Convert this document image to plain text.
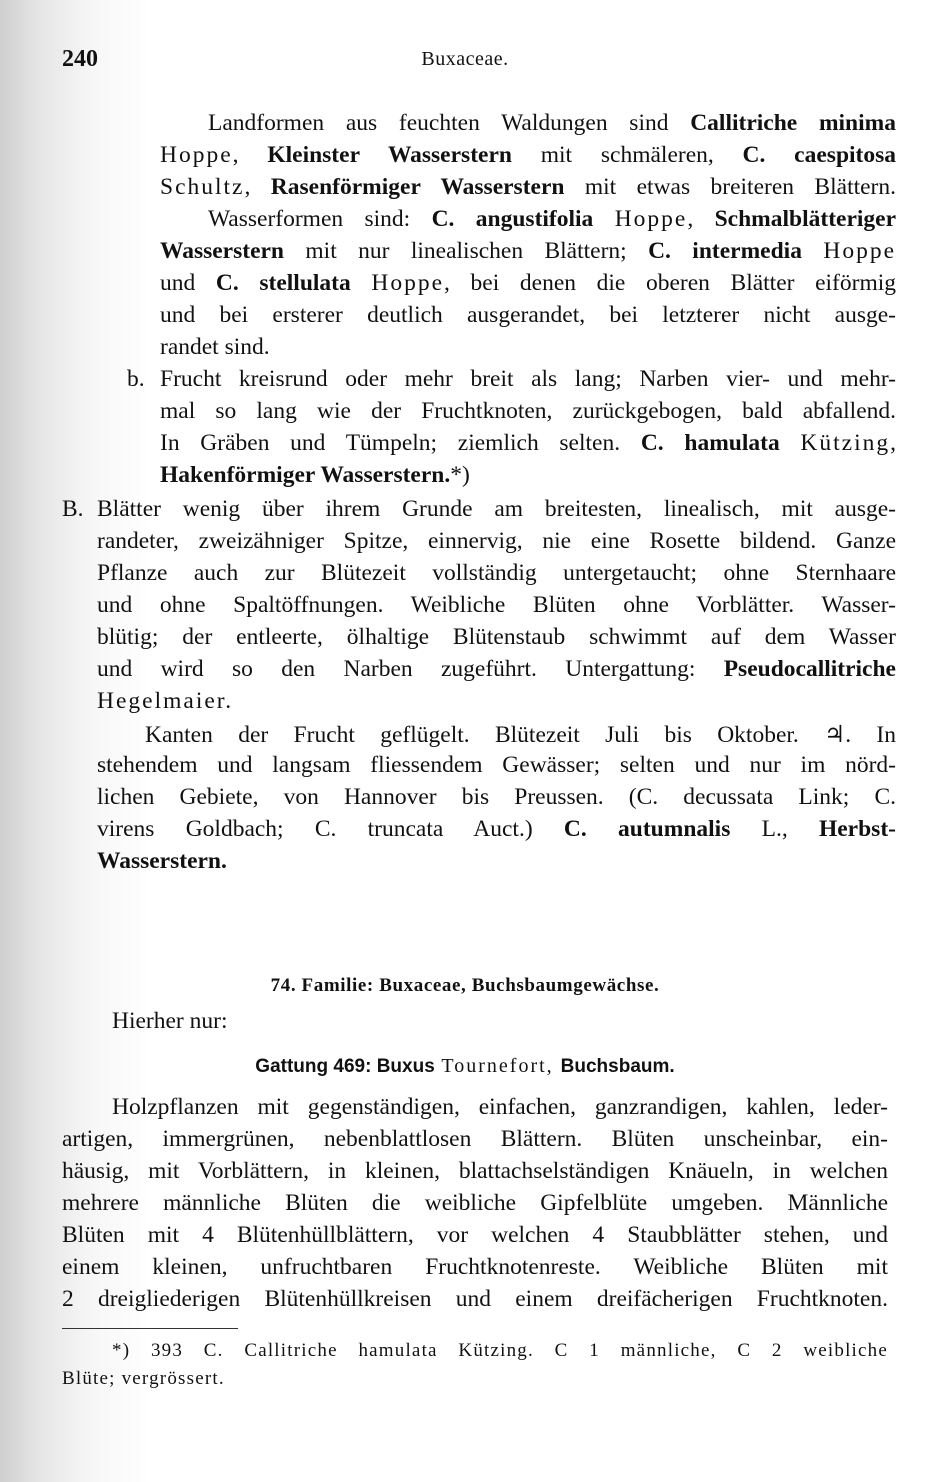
240	Buxaceae.
Landformen aus feuchten Waldungen sind Callitriche minima
Hoppe, Kleinster Wasserstern mit schmäleren, C. caespitosa
Schultz, Rasenförmiger Wasserstern mit etwas breiteren Blättern.
Wasserformen sind: C. angustifolia Hoppe, Schmalblätteriger
Wasserstern mit nur linealischen Blättern; C. intermedia Hoppe
und C. stellulata Hoppe, bei denen die oberen Blätter eiförmig
und bei ersterer deutlich ausgerandet, bei letzterer nicht ausge-
randet sind.
b. Frucht kreisrund oder mehr breit als lang; Narben vier- und mehr-
mal so lang wie der Fruchtknoten, zurückgebogen, bald abfallend.
In Gräben und Tümpeln; ziemlich selten. C. hamulata Kützing,
Hakenförmiger Wasserstern.*)
B. Blätter wenig über ihrem Grunde am breitesten, linealisch, mit ausge-
randeter, zweizähniger Spitze, einnervig, nie eine Rosette bildend. Ganze
Pflanze auch zur Blütezeit vollständig untergetaucht; ohne Sternhaare
und ohne Spaltöffnungen. Weibliche Blüten ohne Vorblätter. Wasser-
blütig; der entleerte, ölhaltige Blütenstaub schwimmt auf dem Wasser
und wird so den Narben zugeführt. Untergattung: Pseudocallitriche
Hegelmaier.
Kanten der Frucht geflügelt. Blütezeit Juli bis Oktober. ♃. In
stehendem und langsam fliessendem Gewässer; selten und nur im nörd-
lichen Gebiete, von Hannover bis Preussen. (C. decussata Link; C.
virens Goldbach; C. truncata Auct.) C. autumnalis L., Herbst-
Wasserstern.
74. Familie: Buxaceae, Buchsbaumgewächse.
Hierher nur:
Gattung 469: Buxus Tournefort, Buchsbaum.
Holzpflanzen mit gegenständigen, einfachen, ganzrandigen, kahlen, leder-
artigen, immergrünen, nebenblattlosen Blättern. Blüten unscheinbar, ein-
häusig, mit Vorblättern, in kleinen, blattachselständigen Knäueln, in welchen
mehrere männliche Blüten die weibliche Gipfelblüte umgeben. Männliche
Blüten mit 4 Blütenhüllblättern, vor welchen 4 Staubblätter stehen, und
einem kleinen, unfruchtbaren Fruchtknotenreste. Weibliche Blüten mit
2 dreigliederigen Blütenhüllkreisen und einem dreifächerigen Fruchtknoten.
*) 393 C. Callitriche hamulata Kützing. C 1 männliche, C 2 weibliche
Blüte; vergrössert.
